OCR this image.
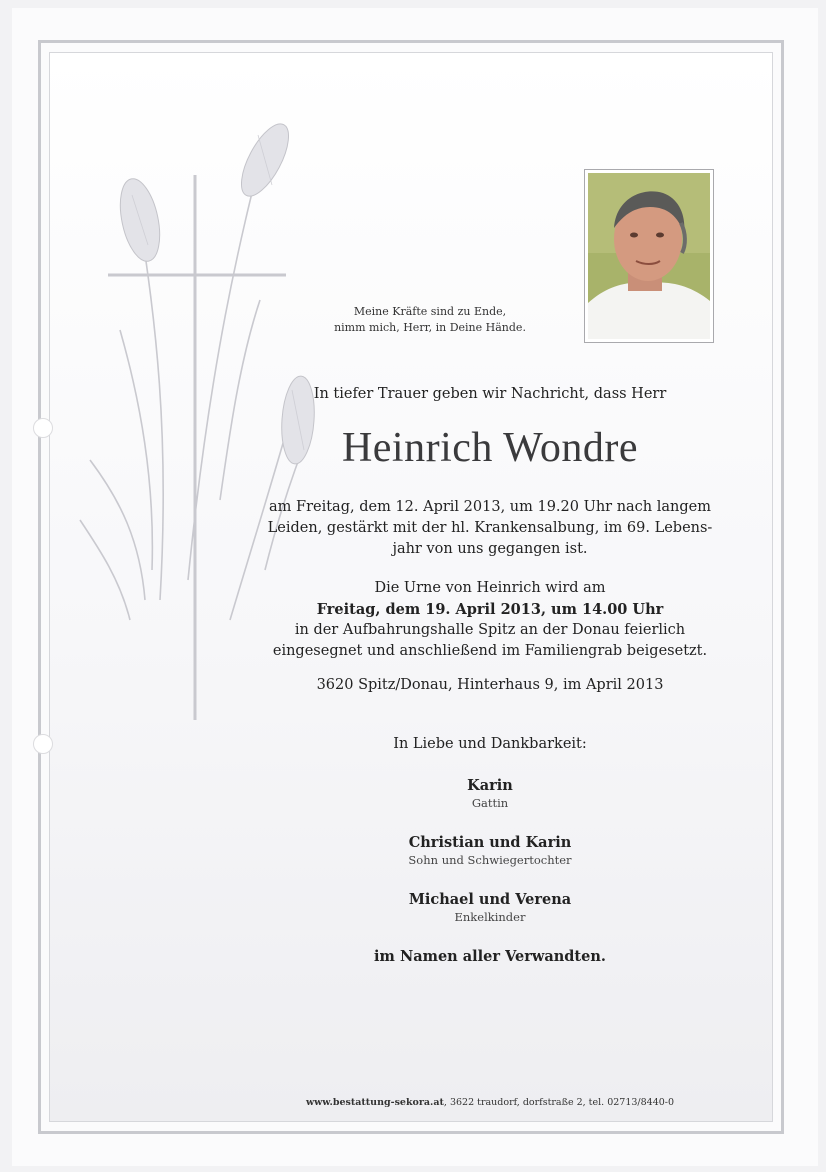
Meine Kräfte sind zu Ende,
nimm mich, Herr, in Deine Hände.
In tiefer Trauer geben wir Nachricht, dass Herr
Heinrich Wondre
am Freitag, dem 12. April 2013, um 19.20 Uhr nach langem
Leiden, gestärkt mit der hl. Krankensalbung, im 69. Lebens-
jahr von uns gegangen ist.
Die Urne von Heinrich wird am
Freitag, dem 19. April 2013, um 14.00 Uhr
in der Aufbahrungshalle Spitz an der Donau feierlich
eingesegnet und anschließend im Familiengrab beigesetzt.
3620 Spitz/Donau, Hinterhaus 9, im April 2013
In Liebe und Dankbarkeit:
Karin
Gattin
Christian und Karin
Sohn und Schwiegertochter
Michael und Verena
Enkelkinder
im Namen aller Verwandten.
www.bestattung-sekora.at, 3622 traudorf, dorfstraße 2, tel. 02713/8440-0
